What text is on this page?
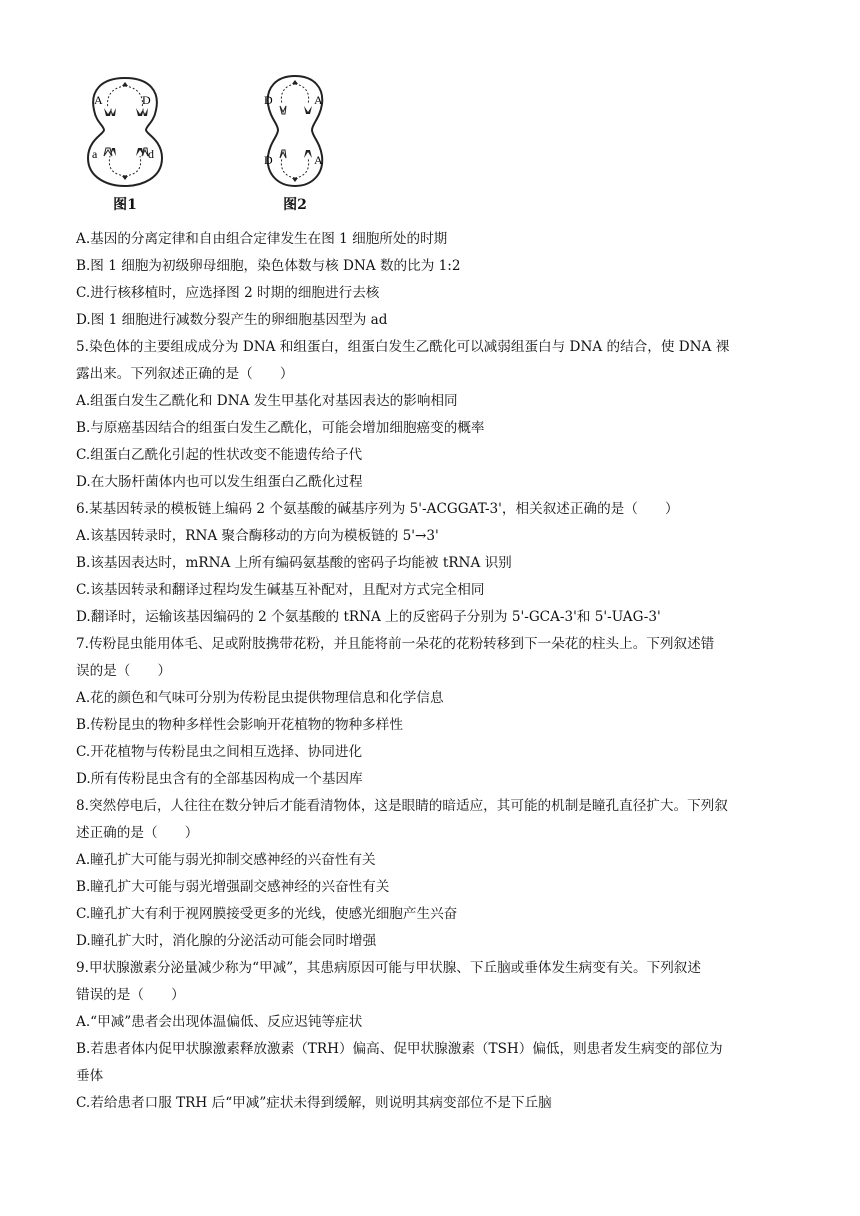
A	D
a	d
图1
D	A
D	A
图2
A.基因的分离定律和自由组合定律发生在图 1 细胞所处的时期
B.图 1 细胞为初级卵母细胞，染色体数与核 DNA 数的比为 1:2
C.进行核移植时，应选择图 2 时期的细胞进行去核
D.图 1 细胞进行减数分裂产生的卵细胞基因型为 ad
5.染色体的主要组成成分为 DNA 和组蛋白，组蛋白发生乙酰化可以减弱组蛋白与 DNA 的结合，使 DNA 裸
露出来。下列叙述正确的是（　　）
A.组蛋白发生乙酰化和 DNA 发生甲基化对基因表达的影响相同
B.与原癌基因结合的组蛋白发生乙酰化，可能会增加细胞癌变的概率
C.组蛋白乙酰化引起的性状改变不能遗传给子代
D.在大肠杆菌体内也可以发生组蛋白乙酰化过程
6.某基因转录的模板链上编码 2 个氨基酸的碱基序列为 5'-ACGGAT-3'，相关叙述正确的是（　　）
A.该基因转录时，RNA 聚合酶移动的方向为模板链的 5'→3'
B.该基因表达时，mRNA 上所有编码氨基酸的密码子均能被 tRNA 识别
C.该基因转录和翻译过程均发生碱基互补配对，且配对方式完全相同
D.翻译时，运输该基因编码的 2 个氨基酸的 tRNA 上的反密码子分别为 5'-GCA-3'和 5'-UAG-3'
7.传粉昆虫能用体毛、足或附肢携带花粉，并且能将前一朵花的花粉转移到下一朵花的柱头上。下列叙述错
误的是（　　）
A.花的颜色和气味可分别为传粉昆虫提供物理信息和化学信息
B.传粉昆虫的物种多样性会影响开花植物的物种多样性
C.开花植物与传粉昆虫之间相互选择、协同进化
D.所有传粉昆虫含有的全部基因构成一个基因库
8.突然停电后，人往往在数分钟后才能看清物体，这是眼睛的暗适应，其可能的机制是瞳孔直径扩大。下列叙
述正确的是（　　）
A.瞳孔扩大可能与弱光抑制交感神经的兴奋性有关
B.瞳孔扩大可能与弱光增强副交感神经的兴奋性有关
C.瞳孔扩大有利于视网膜接受更多的光线，使感光细胞产生兴奋
D.瞳孔扩大时，消化腺的分泌活动可能会同时增强
9.甲状腺激素分泌量减少称为“甲减”，其患病原因可能与甲状腺、下丘脑或垂体发生病变有关。下列叙述
错误的是（　　）
A.“甲减”患者会出现体温偏低、反应迟钝等症状
B.若患者体内促甲状腺激素释放激素（TRH）偏高、促甲状腺激素（TSH）偏低，则患者发生病变的部位为
垂体
C.若给患者口服 TRH 后“甲减”症状未得到缓解，则说明其病变部位不是下丘脑
